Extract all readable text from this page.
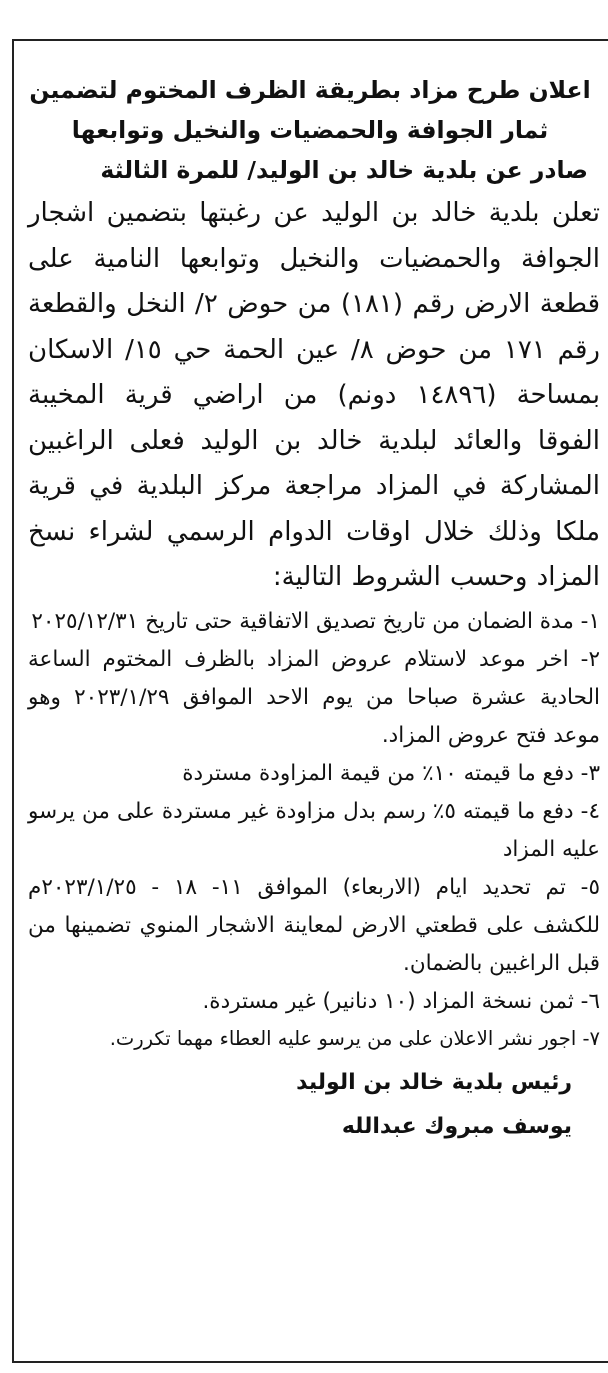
اعلان طرح مزاد بطريقة الظرف المختوم لتضمين
ثمار الجوافة والحمضيات والنخيل وتوابعها
صادر عن بلدية خالد بن الوليد/ للمرة الثالثة

تعلن بلدية خالد بن الوليد عن رغبتها بتضمين اشجار الجوافة والحمضيات والنخيل وتوابعها النامية على قطعة الارض رقم (١٨١) من حوض ٢/ النخل والقطعة رقم ١٧١ من حوض ٨/ عين الحمة حي ١٥/ الاسكان بمساحة (١٤٨٩٦ دونم) من اراضي قرية المخيبة الفوقا والعائد لبلدية خالد بن الوليد فعلى الراغبين المشاركة في المزاد مراجعة مركز البلدية في قرية ملكا وذلك خلال اوقات الدوام الرسمي لشراء نسخ المزاد وحسب الشروط التالية:

١- مدة الضمان من تاريخ تصديق الاتفاقية حتى تاريخ ٢٠٢٥/١٢/٣١

٢- اخر موعد لاستلام عروض المزاد بالظرف المختوم الساعة الحادية عشرة صباحا من يوم الاحد الموافق ٢٠٢٣/١/٢٩ وهو موعد فتح عروض المزاد.

٣- دفع ما قيمته ١٠٪ من قيمة المزاودة مستردة

٤- دفع ما قيمته ٥٪ رسم بدل مزاودة غير مستردة على من يرسو عليه المزاد

٥- تم تحديد ايام (الاربعاء) الموافق ١١- ١٨ - ٢٠٢٣/١/٢٥م للكشف على قطعتي الارض لمعاينة الاشجار المنوي تضمينها من قبل الراغبين بالضمان.

٦- ثمن نسخة المزاد (١٠ دنانير) غير مستردة.

٧- اجور نشر الاعلان على من يرسو عليه العطاء مهما تكررت.

رئيس بلدية خالد بن الوليد

يوسف مبروك عبدالله
